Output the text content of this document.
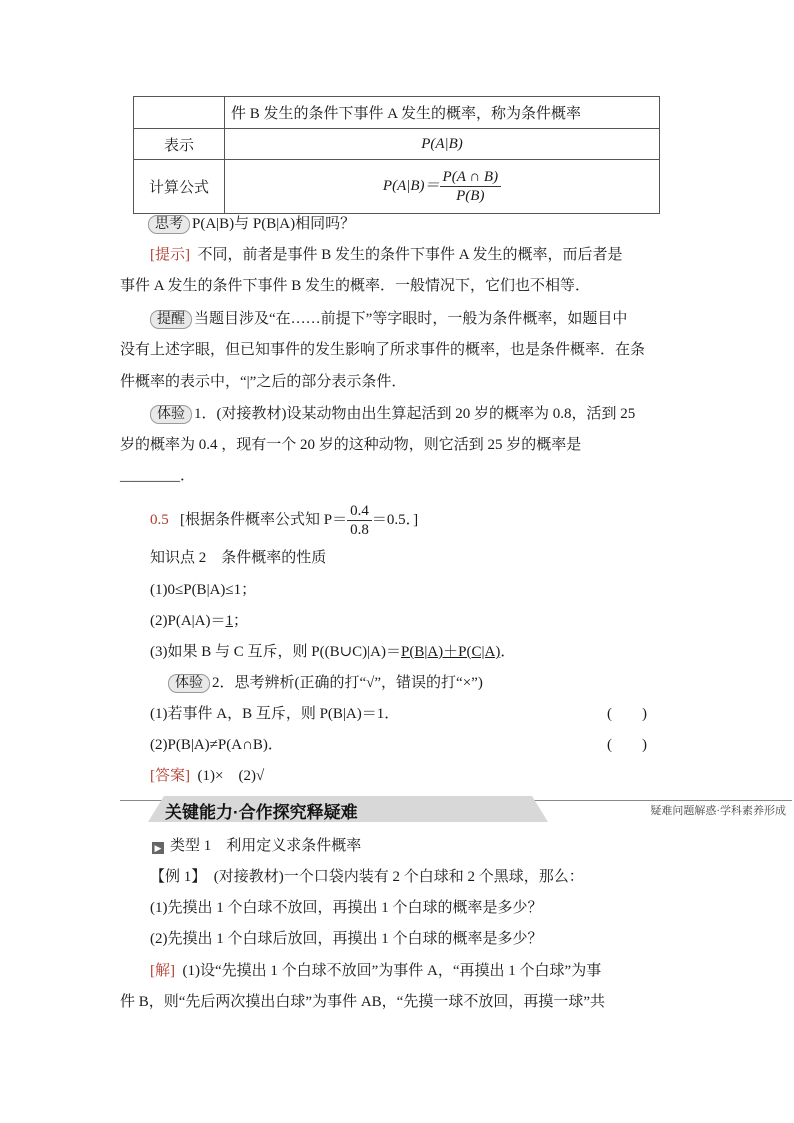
	件 B 发生的条件下事件 A 发生的概率，称为条件概率
表示	P(A|B)
计算公式	$P(A|B)= \frac{P(A \cap B)}{P(B)}$
思考 P(A|B)与 P(B|A)相同吗？
[提示] 不同，前者是事件 B 发生的条件下事件 A 发生的概率，而后者是
事件 A 发生的条件下事件 B 发生的概率．一般情况下，它们也不相等．
提醒 当题目涉及“在……前提下”等字眼时，一般为条件概率，如题目中
没有上述字眼，但已知事件的发生影响了所求事件的概率，也是条件概率．在条
件概率的表示中，“|”之后的部分表示条件．
体验 1．(对接教材)设某动物由出生算起活到 20 岁的概率为 0.8，活到 25
岁的概率为 0.4 ，现有一个 20 岁的这种动物，则它活到 25 岁的概率是
________．
0.5 [根据条件概率公式知 $P= \frac{0.4}{0.8} =0.5$．]
知识点 2　条件概率的性质
(1)0≤P(B|A)≤1；
(2)P(A|A)＝1；
(3)如果 B 与 C 互斥，则 P((B∪C)|A)＝P(B|A)＋P(C|A)．
体验 2．思考辨析(正确的打“√”，错误的打“×”)
(1)若事件 A，B 互斥，则 P(B|A)＝1．	(　　)
(2)P(B|A)≠P(A∩B)．	(　　)
[答案] (1)×　(2)√
关键能力·合作探究释疑难	疑难问题解惑·学科素养形成
▶ 类型 1　利用定义求条件概率
【例 1】 (对接教材)一个口袋内装有 2 个白球和 2 个黑球，那么：
(1)先摸出 1 个白球不放回，再摸出 1 个白球的概率是多少？
(2)先摸出 1 个白球后放回，再摸出 1 个白球的概率是多少？
[解] (1)设“先摸出 1 个白球不放回”为事件 A，“再摸出 1 个白球”为事
件 B，则“先后两次摸出白球”为事件 AB，“先摸一球不放回，再摸一球”共
